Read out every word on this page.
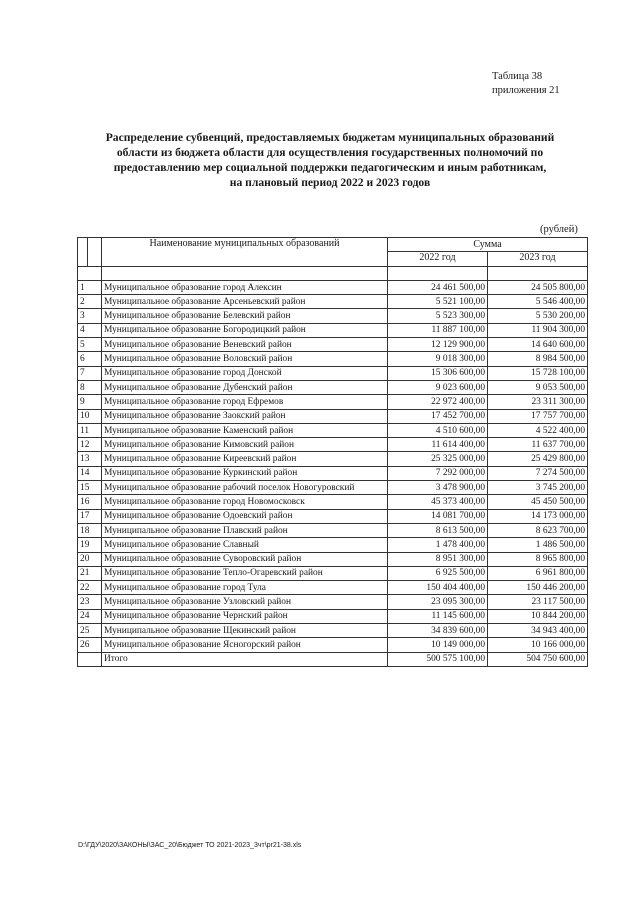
Таблица 38
приложения 21
Распределение субвенций, предоставляемых бюджетам муниципальных образований
области из бюджета области для осуществления государственных полномочий по
предоставлению мер социальной поддержки педагогическим и иным работникам,
на плановый период 2022 и 2023 годов
(рублей)
		Наименование муниципальных образований	Сумма	
			2022 год	2023 год

1		Муниципальное образование город Алексин	24 461 500,00	24 505 800,00
2		Муниципальное образование Арсеньевский район	5 521 100,00	5 546 400,00
3		Муниципальное образование Белевский район	5 523 300,00	5 530 200,00
4		Муниципальное образование Богородицкий район	11 887 100,00	11 904 300,00
5		Муниципальное образование Веневский район	12 129 900,00	14 640 600,00
6		Муниципальное образование Воловский район	9 018 300,00	8 984 500,00
7		Муниципальное образование город Донской	15 306 600,00	15 728 100,00
8		Муниципальное образование Дубенский район	9 023 600,00	9 053 500,00
9		Муниципальное образование город Ефремов	22 972 400,00	23 311 300,00
10		Муниципальное образование Заокский район	17 452 700,00	17 757 700,00
11		Муниципальное образование Каменский район	4 510 600,00	4 522 400,00
12		Муниципальное образование Кимовский район	11 614 400,00	11 637 700,00
13		Муниципальное образование Киреевский район	25 325 000,00	25 429 800,00
14		Муниципальное образование Куркинский район	7 292 000,00	7 274 500,00
15		Муниципальное образование рабочий поселок Новогуровский	3 478 900,00	3 745 200,00
16		Муниципальное образование город Новомосковск	45 373 400,00	45 450 500,00
17		Муниципальное образование Одоевский район	14 081 700,00	14 173 000,00
18		Муниципальное образование Плавский район	8 613 500,00	8 623 700,00
19		Муниципальное образование Славный	1 478 400,00	1 486 500,00
20		Муниципальное образование Суворовский район	8 951 300,00	8 965 800,00
21		Муниципальное образование Тепло-Огаревский район	6 925 500,00	6 961 800,00
22		Муниципальное образование город Тула	150 404 400,00	150 446 200,00
23		Муниципальное образование Узловский район	23 095 300,00	23 117 500,00
24		Муниципальное образование Чернский район	11 145 600,00	10 844 200,00
25		Муниципальное образование Щекинский район	34 839 600,00	34 943 400,00
26		Муниципальное образование Ясногорский район	10 149 000,00	10 166 000,00
		Итого	500 575 100,00	504 750 600,00
D:\ГДУ\2020\ЗАКОНЫ\ЗАС_20\Бюджет ТО 2021-2023_3чт\pr21-38.xls
